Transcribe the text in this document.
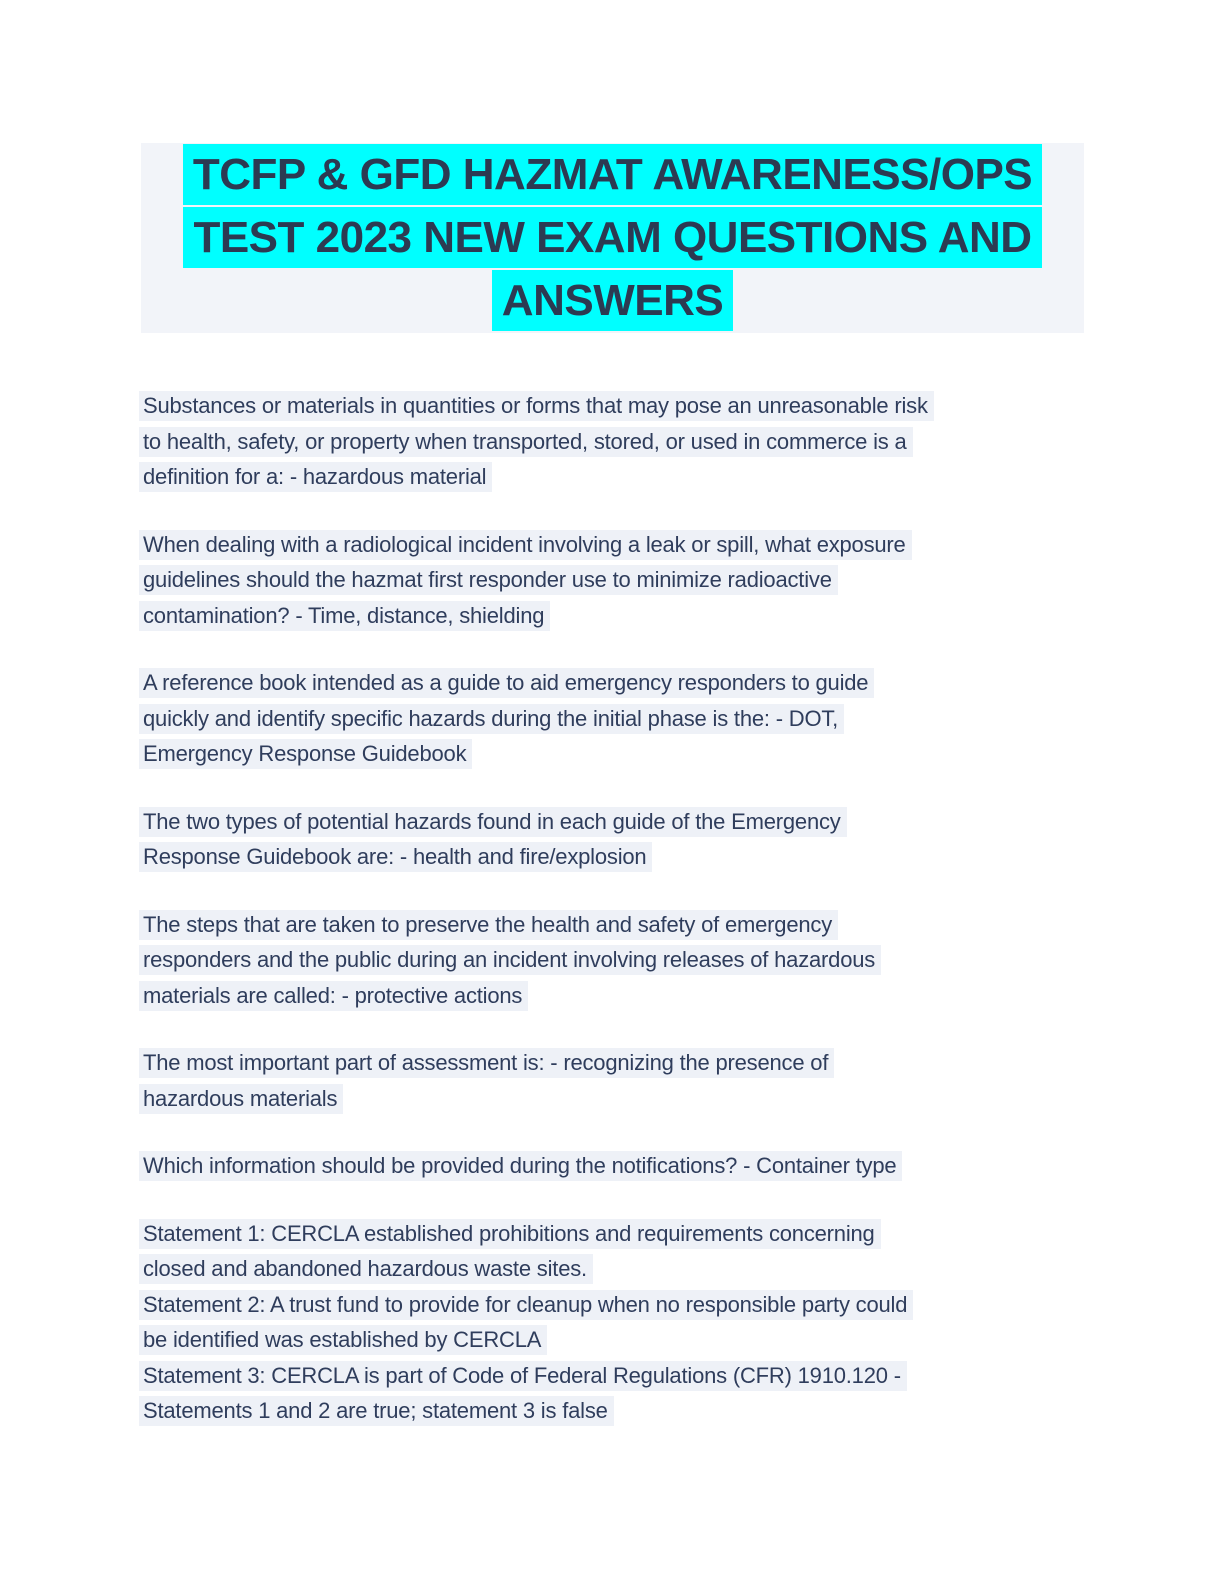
TCFP & GFD HAZMAT AWARENESS/OPS
TEST 2023 NEW EXAM QUESTIONS AND
ANSWERS
Substances or materials in quantities or forms that may pose an unreasonable risk
to health, safety, or property when transported, stored, or used in commerce is a
definition for a: - hazardous material
When dealing with a radiological incident involving a leak or spill, what exposure
guidelines should the hazmat first responder use to minimize radioactive
contamination? - Time, distance, shielding
A reference book intended as a guide to aid emergency responders to guide
quickly and identify specific hazards during the initial phase is the: - DOT,
Emergency Response Guidebook
The two types of potential hazards found in each guide of the Emergency
Response Guidebook are: - health and fire/explosion
The steps that are taken to preserve the health and safety of emergency
responders and the public during an incident involving releases of hazardous
materials are called: - protective actions
The most important part of assessment is: - recognizing the presence of
hazardous materials
Which information should be provided during the notifications? - Container type
Statement 1: CERCLA established prohibitions and requirements concerning
closed and abandoned hazardous waste sites.
Statement 2: A trust fund to provide for cleanup when no responsible party could
be identified was established by CERCLA
Statement 3: CERCLA is part of Code of Federal Regulations (CFR) 1910.120 -
Statements 1 and 2 are true; statement 3 is false
